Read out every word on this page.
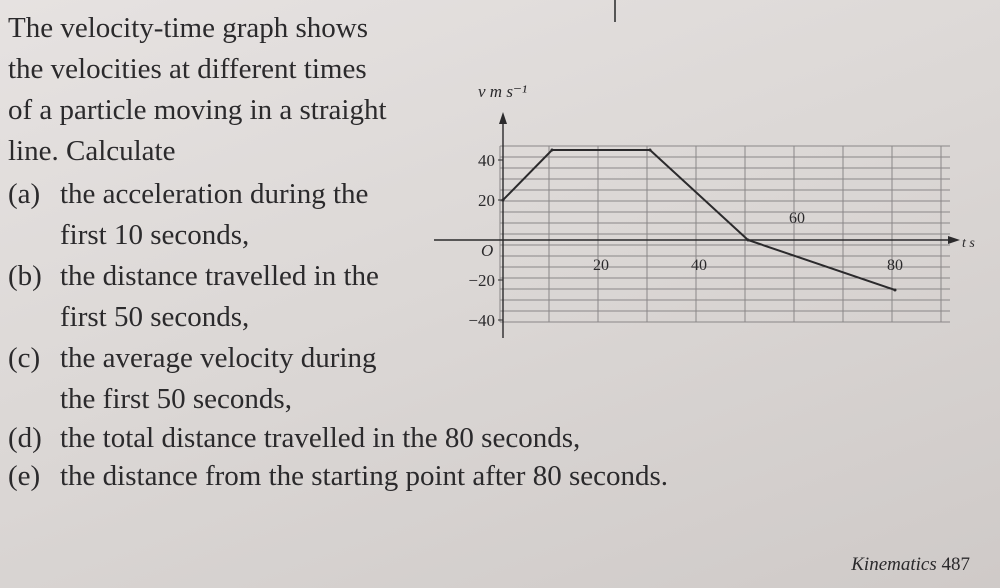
The velocity-time graph shows
the velocities at different times
of a particle moving in a straight
line. Calculate
(a) the acceleration during the
first 10 seconds,
(b) the distance travelled in the
first 50 seconds,
(c) the average velocity during
the first 50 seconds,
(d) the total distance travelled in the 80 seconds,
(e) the distance from the starting point after 80 seconds.
v m s⁻¹
t s
O
40
20
−20
−40
20	40
60
80
Kinematics 487
